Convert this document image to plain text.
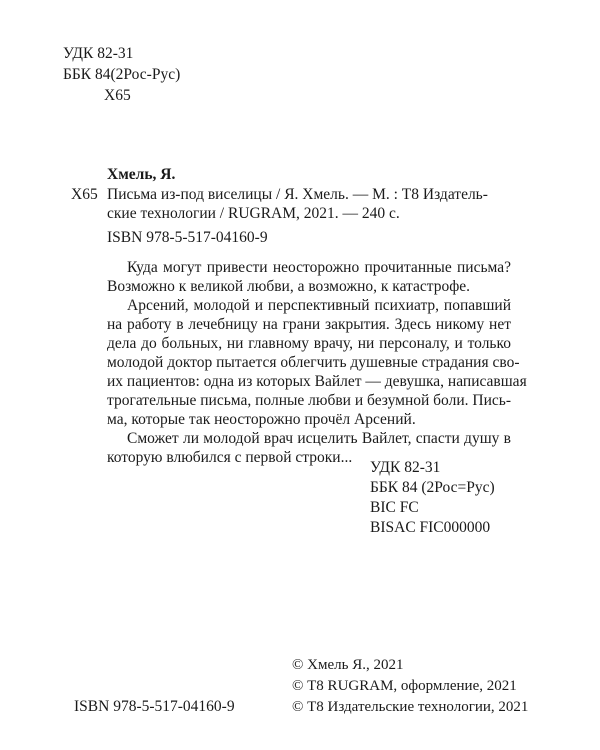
УДК 82-31
ББК 84(2Рос-Рус)
Х65
Хмель, Я.
Х65 Письма из-под виселицы / Я. Хмель. — М. : Т8 Издатель-
ские технологии / RUGRAM, 2021. — 240 с.
ISBN 978-5-517-04160-9
Куда могут привести неосторожно прочитанные письма?
Возможно к великой любви, а возможно, к катастрофе.
Арсений, молодой и перспективный психиатр, попавший
на работу в лечебницу на грани закрытия. Здесь никому нет
дела до больных, ни главному врачу, ни персоналу, и только
молодой доктор пытается облегчить душевные страдания сво-
их пациентов: одна из которых Вайлет — девушка, написавшая
трогательные письма, полные любви и безумной боли. Пись-
ма, которые так неосторожно прочёл Арсений.
Сможет ли молодой врач исцелить Вайлет, спасти душу в
которую влюбился с первой строки...
УДК 82-31
ББК 84 (2Рос=Рус)
BIC FC
BISAC FIC000000
© Хмель Я., 2021
© Т8 RUGRAM, оформление, 2021
© Т8 Издательские технологии, 2021
ISBN 978-5-517-04160-9
